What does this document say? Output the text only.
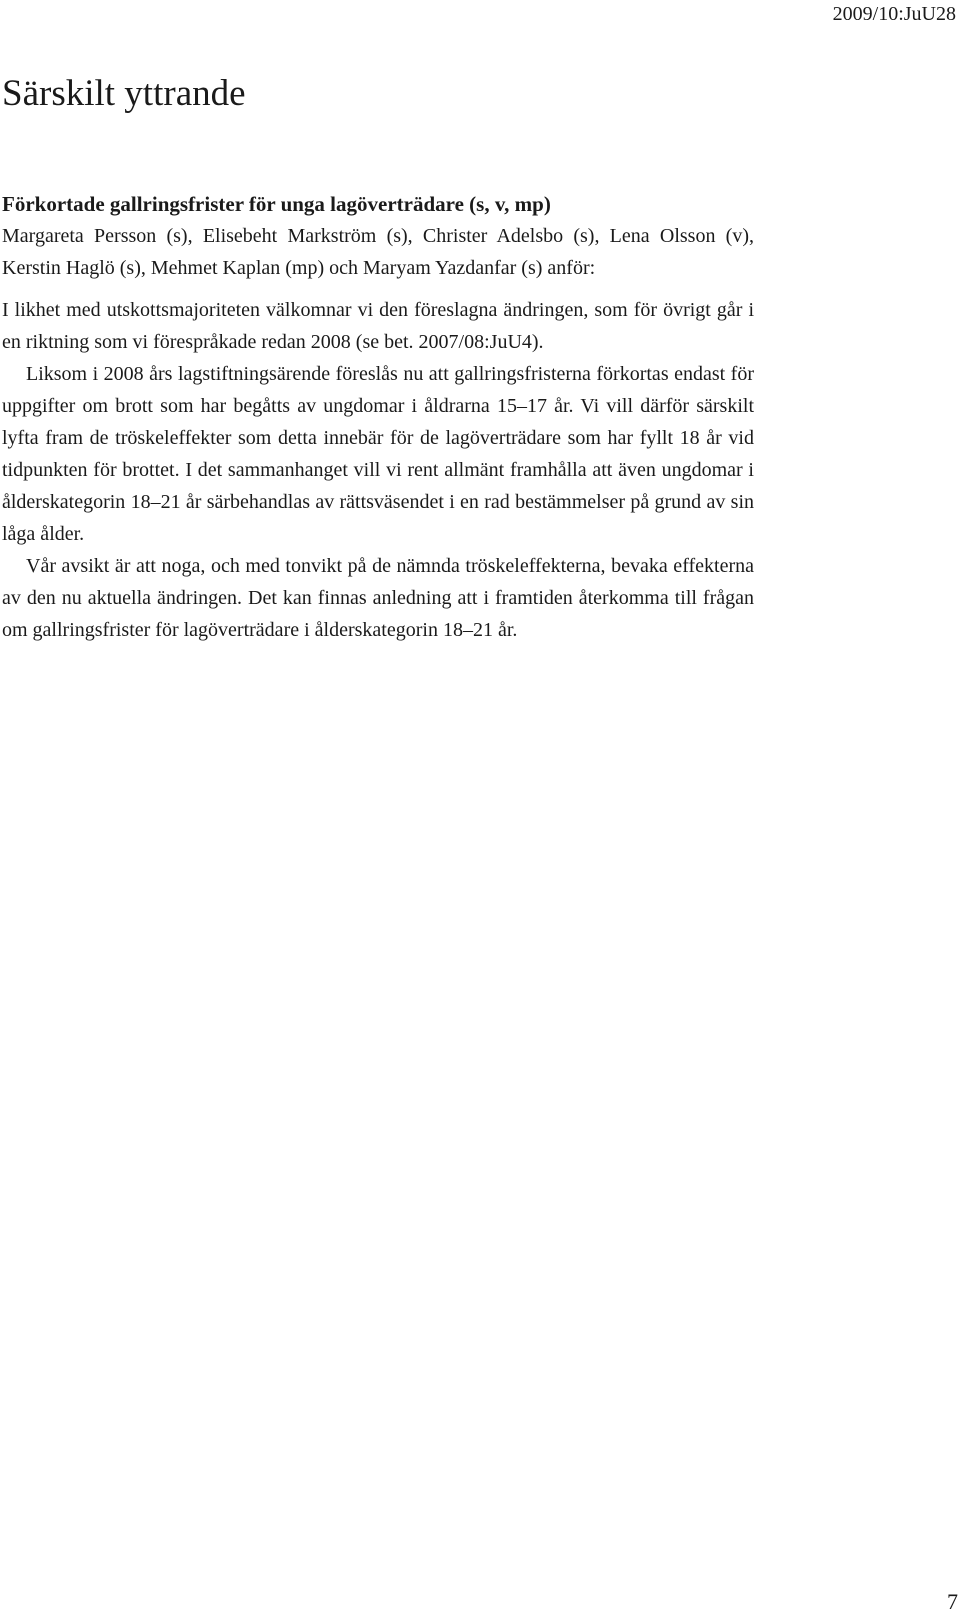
2009/10:JuU28
Särskilt yttrande

Förkortade gallringsfrister för unga lagöverträdare (s, v, mp)

Margareta Persson (s), Elisebeht Markström (s), Christer Adelsbo (s), Lena Olsson (v), Kerstin Haglö (s), Mehmet Kaplan (mp) och Maryam Yazdanfar (s) anför:

I likhet med utskottsmajoriteten välkomnar vi den föreslagna ändringen, som för övrigt går i en riktning som vi förespråkade redan 2008 (se bet. 2007/08:JuU4).

Liksom i 2008 års lagstiftningsärende föreslås nu att gallringsfristerna förkortas endast för uppgifter om brott som har begåtts av ungdomar i åldrarna 15–17 år. Vi vill därför särskilt lyfta fram de tröskeleffekter som detta innebär för de lagöverträdare som har fyllt 18 år vid tidpunkten för brottet. I det sammanhanget vill vi rent allmänt framhålla att även ungdomar i ålderskategorin 18–21 år särbehandlas av rättsväsendet i en rad bestämmelser på grund av sin låga ålder.

Vår avsikt är att noga, och med tonvikt på de nämnda tröskeleffekterna, bevaka effekterna av den nu aktuella ändringen. Det kan finnas anledning att i framtiden återkomma till frågan om gallringsfrister för lagöverträdare i ålderskategorin 18–21 år.

7
